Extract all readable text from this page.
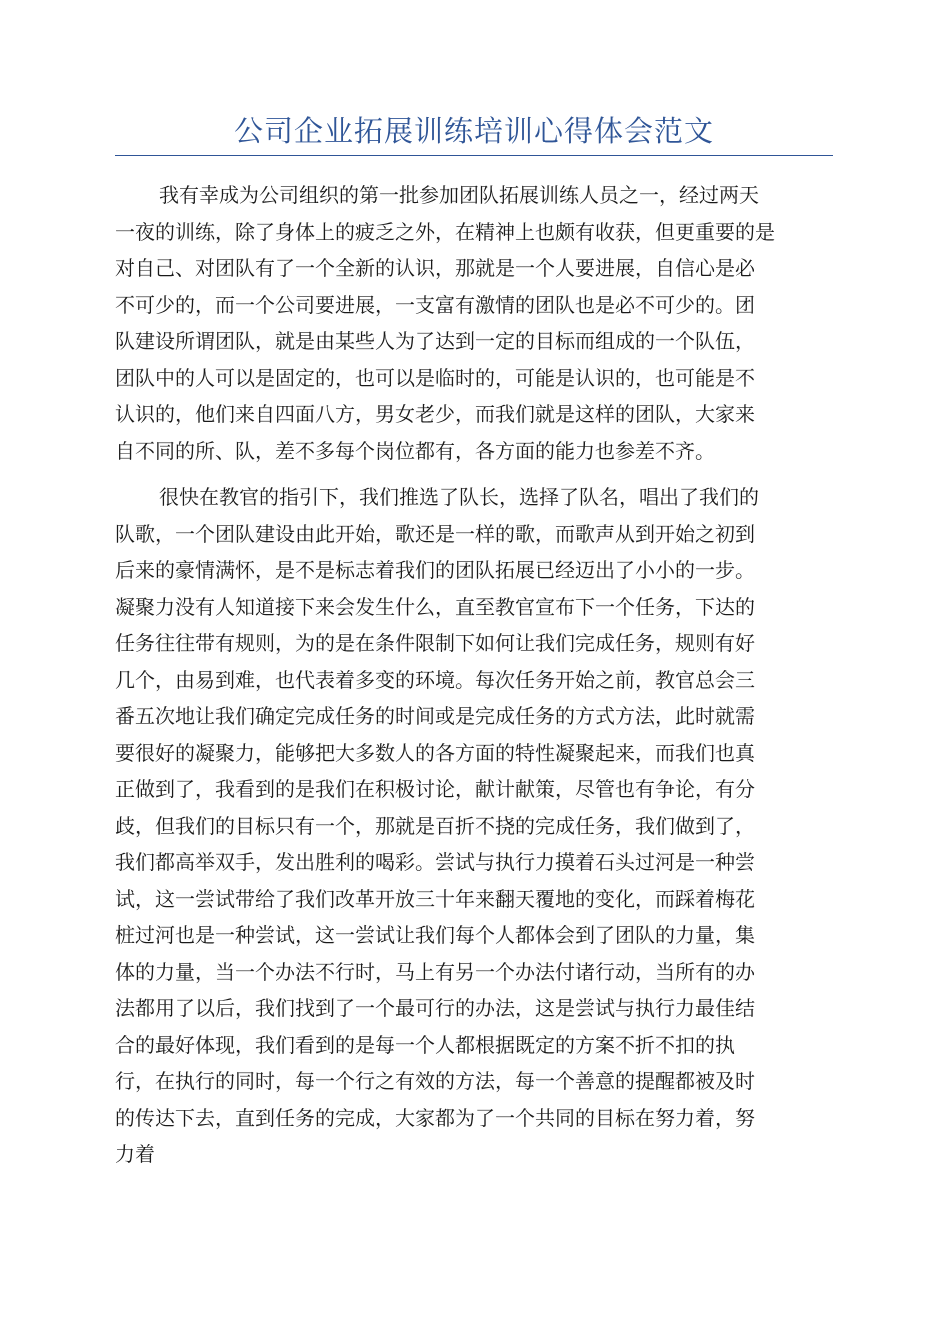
公司企业拓展训练培训心得体会范文
我有幸成为公司组织的第一批参加团队拓展训练人员之一，经过两天
一夜的训练，除了身体上的疲乏之外，在精神上也颇有收获，但更重要的是
对自己、对团队有了一个全新的认识，那就是一个人要进展，自信心是必
不可少的，而一个公司要进展，一支富有激情的团队也是必不可少的。团
队建设所谓团队，就是由某些人为了达到一定的目标而组成的一个队伍，
团队中的人可以是固定的，也可以是临时的，可能是认识的，也可能是不
认识的，他们来自四面八方，男女老少，而我们就是这样的团队，大家来
自不同的所、队，差不多每个岗位都有，各方面的能力也参差不齐。
很快在教官的指引下，我们推选了队长，选择了队名，唱出了我们的
队歌，一个团队建设由此开始，歌还是一样的歌，而歌声从到开始之初到
后来的豪情满怀，是不是标志着我们的团队拓展已经迈出了小小的一步。
凝聚力没有人知道接下来会发生什么，直至教官宣布下一个任务，下达的
任务往往带有规则，为的是在条件限制下如何让我们完成任务，规则有好
几个，由易到难，也代表着多变的环境。每次任务开始之前，教官总会三
番五次地让我们确定完成任务的时间或是完成任务的方式方法，此时就需
要很好的凝聚力，能够把大多数人的各方面的特性凝聚起来，而我们也真
正做到了，我看到的是我们在积极讨论，献计献策，尽管也有争论，有分
歧，但我们的目标只有一个，那就是百折不挠的完成任务，我们做到了，
我们都高举双手，发出胜利的喝彩。尝试与执行力摸着石头过河是一种尝
试，这一尝试带给了我们改革开放三十年来翻天覆地的变化，而踩着梅花
桩过河也是一种尝试，这一尝试让我们每个人都体会到了团队的力量，集
体的力量，当一个办法不行时，马上有另一个办法付诸行动，当所有的办
法都用了以后，我们找到了一个最可行的办法，这是尝试与执行力最佳结
合的最好体现，我们看到的是每一个人都根据既定的方案不折不扣的执
行，在执行的同时，每一个行之有效的方法，每一个善意的提醒都被及时
的传达下去，直到任务的完成，大家都为了一个共同的目标在努力着，努
力着
